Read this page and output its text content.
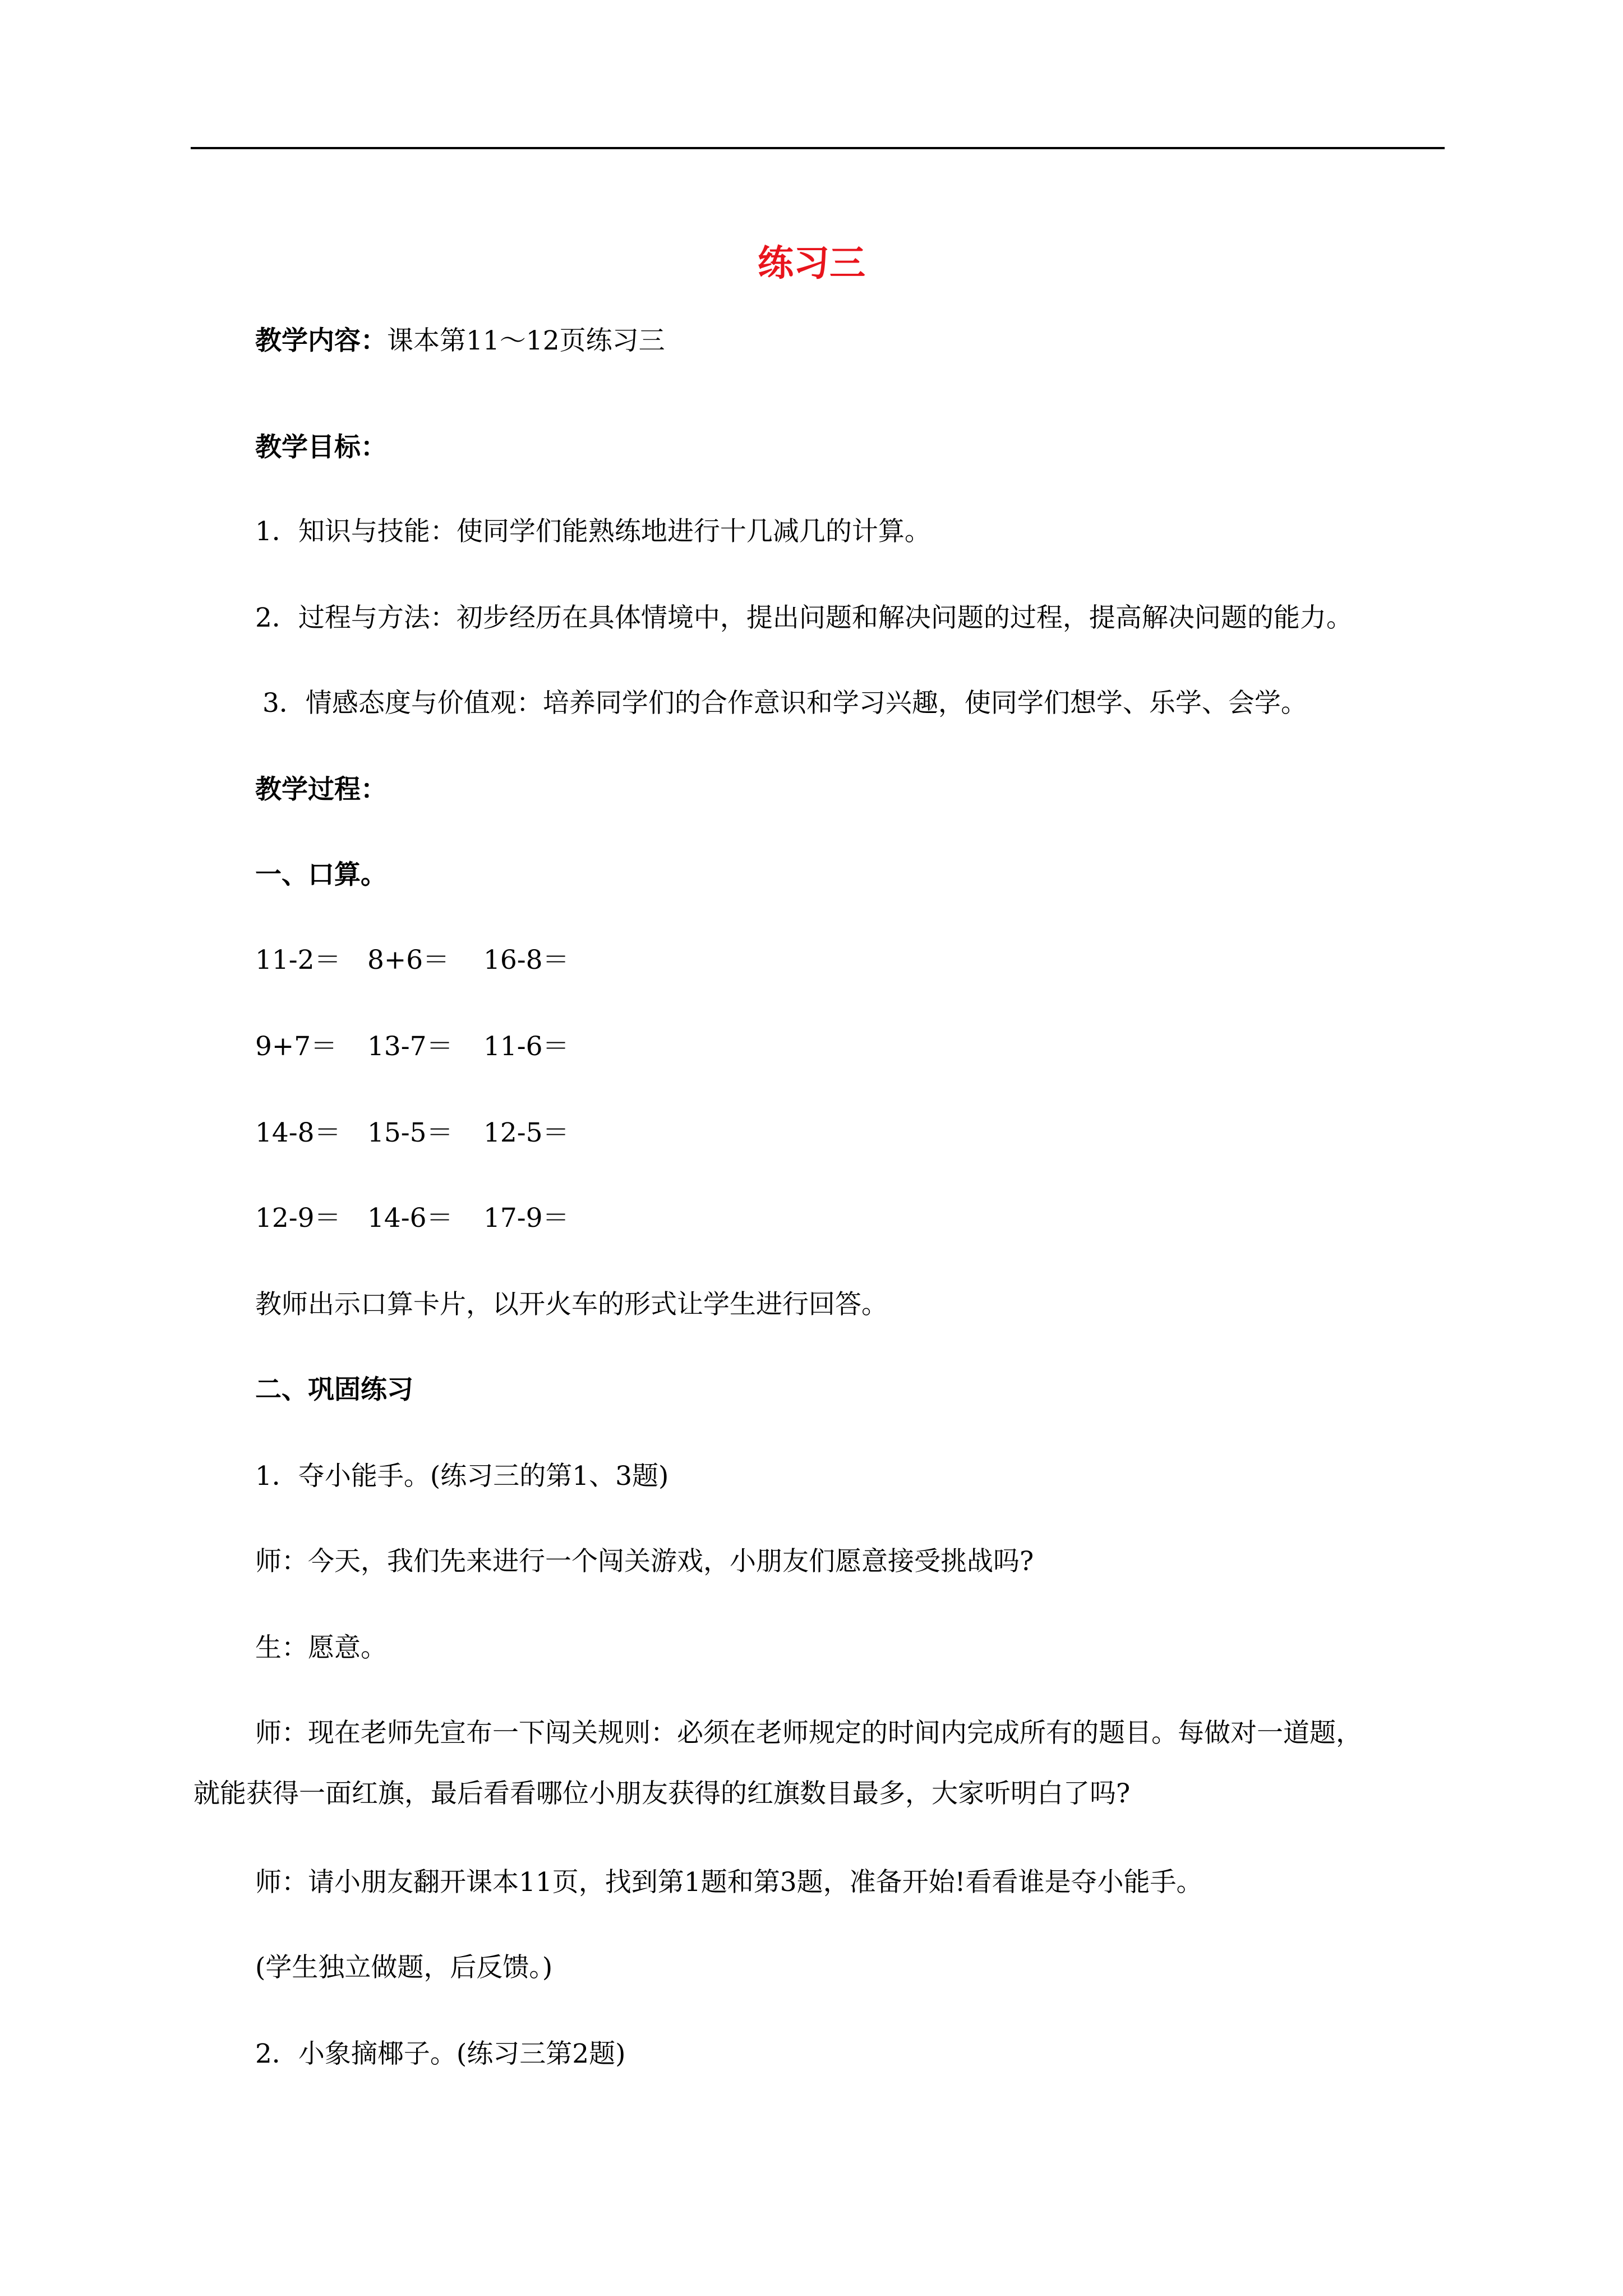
练习三
教学内容：课本第11～12页练习三
教学目标：
1．知识与技能：使同学们能熟练地进行十几减几的计算。
2．过程与方法：初步经历在具体情境中，提出问题和解决问题的过程，提高解决问题的能力。
3．情感态度与价值观：培养同学们的合作意识和学习兴趣，使同学们想学、乐学、会学。
教学过程：
一、口算。
11-2＝ 8+6＝ 16-8＝
9+7＝ 13-7＝ 11-6＝
14-8＝ 15-5＝ 12-5＝
12-9＝ 14-6＝ 17-9＝
教师出示口算卡片，以开火车的形式让学生进行回答。
二、巩固练习
1．夺小能手。(练习三的第1、3题)
师：今天，我们先来进行一个闯关游戏，小朋友们愿意接受挑战吗?
生：愿意。
师：现在老师先宣布一下闯关规则：必须在老师规定的时间内完成所有的题目。每做对一道题，
就能获得一面红旗，最后看看哪位小朋友获得的红旗数目最多，大家听明白了吗?
师：请小朋友翻开课本11页，找到第1题和第3题，准备开始!看看谁是夺小能手。
(学生独立做题，后反馈。)
2．小象摘椰子。(练习三第2题)
